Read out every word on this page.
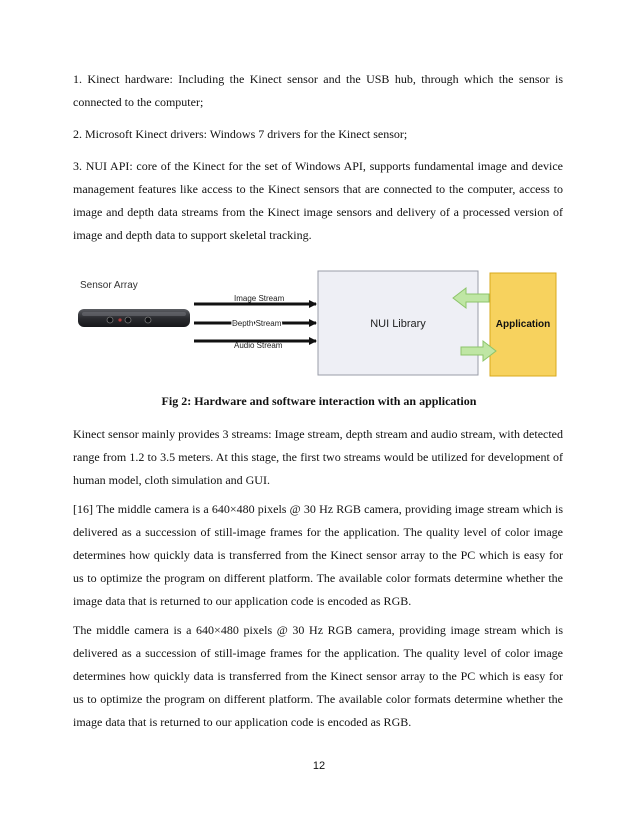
1. Kinect hardware: Including the Kinect sensor and the USB hub, through which the sensor is connected to the computer;

2. Microsoft Kinect drivers: Windows 7 drivers for the Kinect sensor;

3. NUI API: core of the Kinect for the set of Windows API, supports fundamental image and device management features like access to the Kinect sensors that are connected to the computer, access to image and depth data streams from the Kinect image sensors and delivery of a processed version of image and depth data to support skeletal tracking.

Sensor Array
NUI Library	Application
Image Stream
Depth Stream
Audio Stream
Fig 2: Hardware and software interaction with an application

Kinect sensor mainly provides 3 streams: Image stream, depth stream and audio stream, with detected range from 1.2 to 3.5 meters. At this stage, the first two streams would be utilized for development of human model, cloth simulation and GUI.

[16] The middle camera is a 640×480 pixels @ 30 Hz RGB camera, providing image stream which is delivered as a succession of still-image frames for the application. The quality level of color image determines how quickly data is transferred from the Kinect sensor array to the PC which is easy for us to optimize the program on different platform. The available color formats determine whether the image data that is returned to our application code is encoded as RGB.

The middle camera is a 640×480 pixels @ 30 Hz RGB camera, providing image stream which is delivered as a succession of still-image frames for the application. The quality level of color image determines how quickly data is transferred from the Kinect sensor array to the PC which is easy for us to optimize the program on different platform. The available color formats determine whether the image data that is returned to our application code is encoded as RGB.

12
